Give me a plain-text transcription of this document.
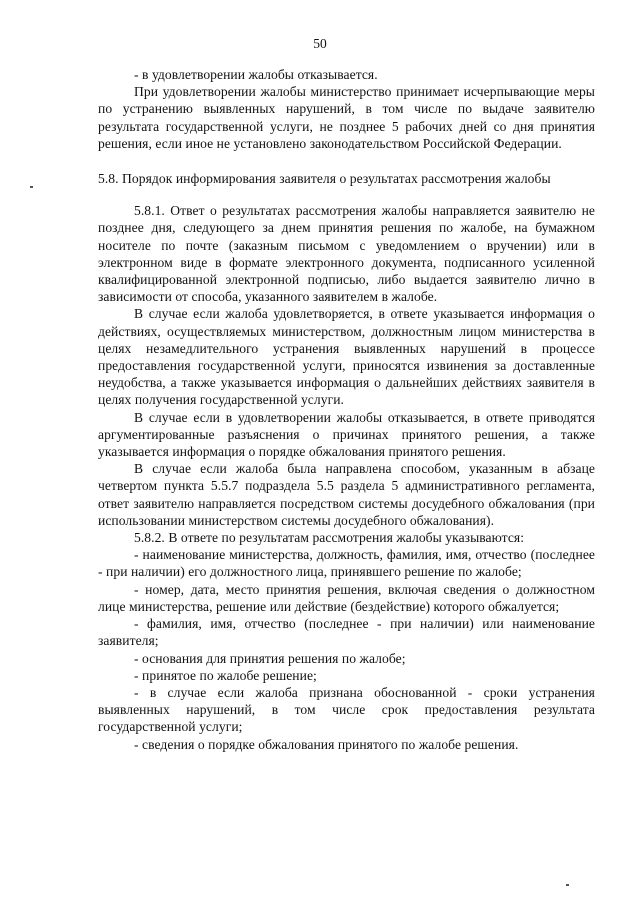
50

- в удовлетворении жалобы отказывается.

При удовлетворении жалобы министерство принимает исчерпывающие меры по устранению выявленных нарушений, в том числе по выдаче заявителю результата государственной услуги, не позднее 5 рабочих дней со дня принятия решения, если иное не установлено законодательством Российской Федерации.

5.8. Порядок информирования заявителя о результатах рассмотрения жалобы

5.8.1. Ответ о результатах рассмотрения жалобы направляется заявителю не позднее дня, следующего за днем принятия решения по жалобе, на бумажном носителе по почте (заказным письмом с уведомлением о вручении) или в электронном виде в формате электронного документа, подписанного усиленной квалифицированной электронной подписью, либо выдается заявителю лично в зависимости от способа, указанного заявителем в жалобе.

В случае если жалоба удовлетворяется, в ответе указывается информация о действиях, осуществляемых министерством, должностным лицом министерства в целях незамедлительного устранения выявленных нарушений в процессе предоставления государственной услуги, приносятся извинения за доставленные неудобства, а также указывается информация о дальнейших действиях заявителя в целях получения государственной услуги.

В случае если в удовлетворении жалобы отказывается, в ответе приводятся аргументированные разъяснения о причинах принятого решения, а также указывается информация о порядке обжалования принятого решения.

В случае если жалоба была направлена способом, указанным в абзаце четвертом пункта 5.5.7 подраздела 5.5 раздела 5 административного регламента, ответ заявителю направляется посредством системы досудебного обжалования (при использовании министерством системы досудебного обжалования).

5.8.2. В ответе по результатам рассмотрения жалобы указываются:

- наименование министерства, должность, фамилия, имя, отчество (последнее - при наличии) его должностного лица, принявшего решение по жалобе;

- номер, дата, место принятия решения, включая сведения о должностном лице министерства, решение или действие (бездействие) которого обжалуется;

- фамилия, имя, отчество (последнее - при наличии) или наименование заявителя;

- основания для принятия решения по жалобе;

- принятое по жалобе решение;

- в случае если жалоба признана обоснованной - сроки устранения выявленных нарушений, в том числе срок предоставления результата государственной услуги;

- сведения о порядке обжалования принятого по жалобе решения.
